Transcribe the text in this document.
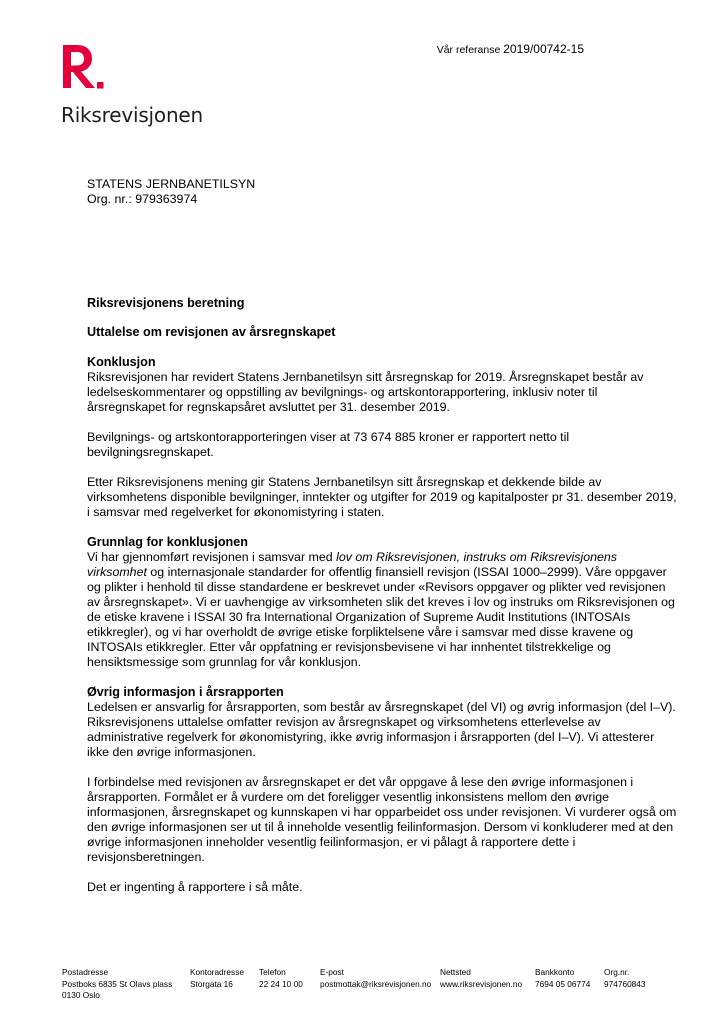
Riksrevisjonen
Vår referanse 2019/00742-15
STATENS JERNBANETILSYN
Org. nr.: 979363974
Riksrevisjonens beretning
Uttalelse om revisjonen av årsregnskapet
Konklusjon

Riksrevisjonen har revidert Statens Jernbanetilsyn sitt årsregnskap for 2019. Årsregnskapet består av ledelseskommentarer og oppstilling av bevilgnings- og artskontorapportering, inklusiv noter til årsregnskapet for regnskapsåret avsluttet per 31. desember 2019.

Bevilgnings- og artskontorapporteringen viser at 73 674 885 kroner er rapportert netto til bevilgningsregnskapet.

Etter Riksrevisjonens mening gir Statens Jernbanetilsyn sitt årsregnskap et dekkende bilde av virksomhetens disponible bevilgninger, inntekter og utgifter for 2019 og kapitalposter pr 31. desember 2019, i samsvar med regelverket for økonomistyring i staten.

Grunnlag for konklusjonen

Vi har gjennomført revisjonen i samsvar med lov om Riksrevisjonen, instruks om Riksrevisjonens virksomhet og internasjonale standarder for offentlig finansiell revisjon (ISSAI 1000–2999). Våre oppgaver og plikter i henhold til disse standardene er beskrevet under «Revisors oppgaver og plikter ved revisjonen av årsregnskapet». Vi er uavhengige av virksomheten slik det kreves i lov og instruks om Riksrevisjonen og de etiske kravene i ISSAI 30 fra International Organization of Supreme Audit Institutions (INTOSAIs etikkregler), og vi har overholdt de øvrige etiske forpliktelsene våre i samsvar med disse kravene og INTOSAIs etikkregler. Etter vår oppfatning er revisjonsbevisene vi har innhentet tilstrekkelige og hensiktsmessige som grunnlag for vår konklusjon.

Øvrig informasjon i årsrapporten

Ledelsen er ansvarlig for årsrapporten, som består av årsregnskapet (del VI) og øvrig informasjon (del I–V). Riksrevisjonens uttalelse omfatter revisjon av årsregnskapet og virksomhetens etterlevelse av administrative regelverk for økonomistyring, ikke øvrig informasjon i årsrapporten (del I–V). Vi attesterer ikke den øvrige informasjonen.

I forbindelse med revisjonen av årsregnskapet er det vår oppgave å lese den øvrige informasjonen i årsrapporten. Formålet er å vurdere om det foreligger vesentlig inkonsistens mellom den øvrige informasjonen, årsregnskapet og kunnskapen vi har opparbeidet oss under revisjonen. Vi vurderer også om den øvrige informasjonen ser ut til å inneholde vesentlig feilinformasjon. Dersom vi konkluderer med at den øvrige informasjonen inneholder vesentlig feilinformasjon, er vi pålagt å rapportere dette i revisjonsberetningen.

Det er ingenting å rapportere i så måte.

Postadresse
Postboks 6835 St Olavs plass
0130 Oslo
Kontoradresse
Storgata 16
Telefon
22 24 10 00
E-post
postmottak@riksrevisjonen.no
Nettsted
www.riksrevisjonen.no
Bankkonto
7694 05 06774
Org.nr.
974760843
